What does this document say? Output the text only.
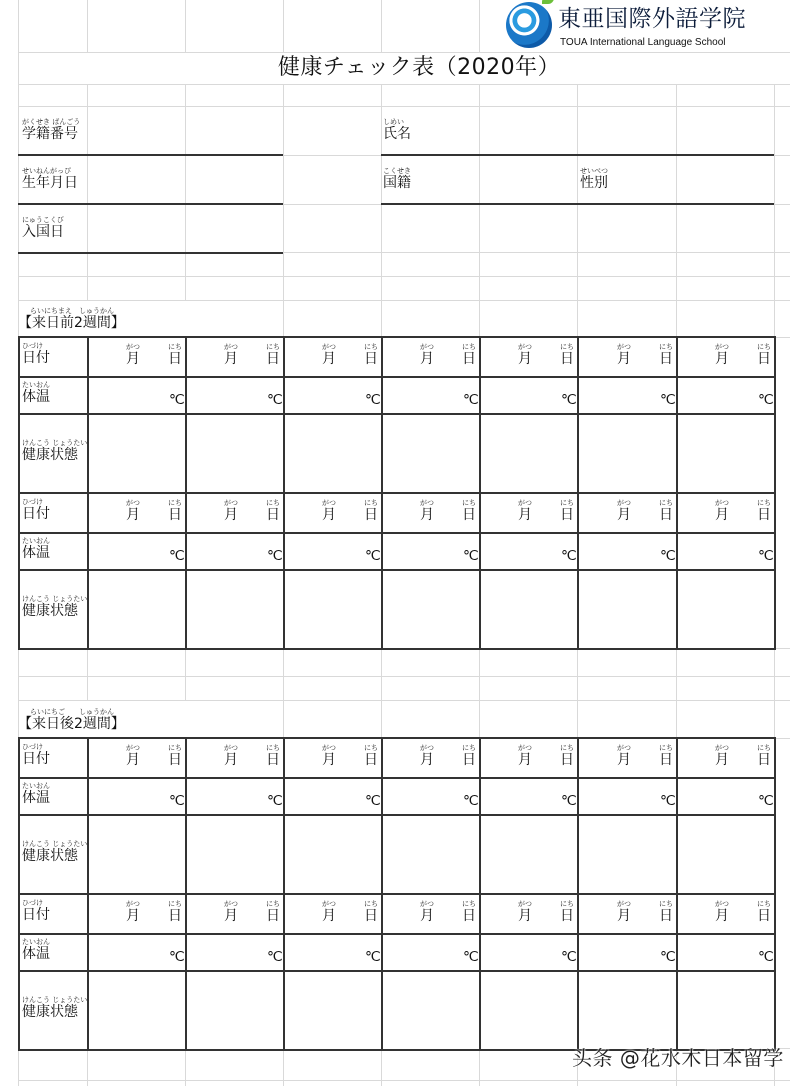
東亜国際外語学院
TOUA International Language School
健康チェック表（2020年）
がくせき ばんごう
学籍番号
しめい
氏名
せいねんがっぴ
生年月日
こくせき
国籍
せいべつ
性別
にゅうこくび
入国日
らいにちまえ　しゅうかん
【来日前2週間】
らいにちご　　しゅうかん
【来日後2週間】
ひづけ
日付
たいおん
体温
けんこう じょうたい
健康状態
がつ
月
にち
日
℃
がつ
月
にち
日
℃
がつ
月
にち
日
℃
がつ
月
にち
日
℃
がつ
月
にち
日
℃
がつ
月
にち
日
℃
がつ
月
にち
日
℃
ひづけ
日付
たいおん
体温
けんこう じょうたい
健康状態
がつ
月
にち
日
℃
がつ
月
にち
日
℃
がつ
月
にち
日
℃
がつ
月
にち
日
℃
がつ
月
にち
日
℃
がつ
月
にち
日
℃
がつ
月
にち
日
℃
ひづけ
日付
たいおん
体温
けんこう じょうたい
健康状態
がつ
月
にち
日
℃
がつ
月
にち
日
℃
がつ
月
にち
日
℃
がつ
月
にち
日
℃
がつ
月
にち
日
℃
がつ
月
にち
日
℃
がつ
月
にち
日
℃
ひづけ
日付
たいおん
体温
けんこう じょうたい
健康状態
がつ
月
にち
日
℃
がつ
月
にち
日
℃
がつ
月
にち
日
℃
がつ
月
にち
日
℃
がつ
月
にち
日
℃
がつ
月
にち
日
℃
がつ
月
にち
日
℃
头条 @花水木日本留学
